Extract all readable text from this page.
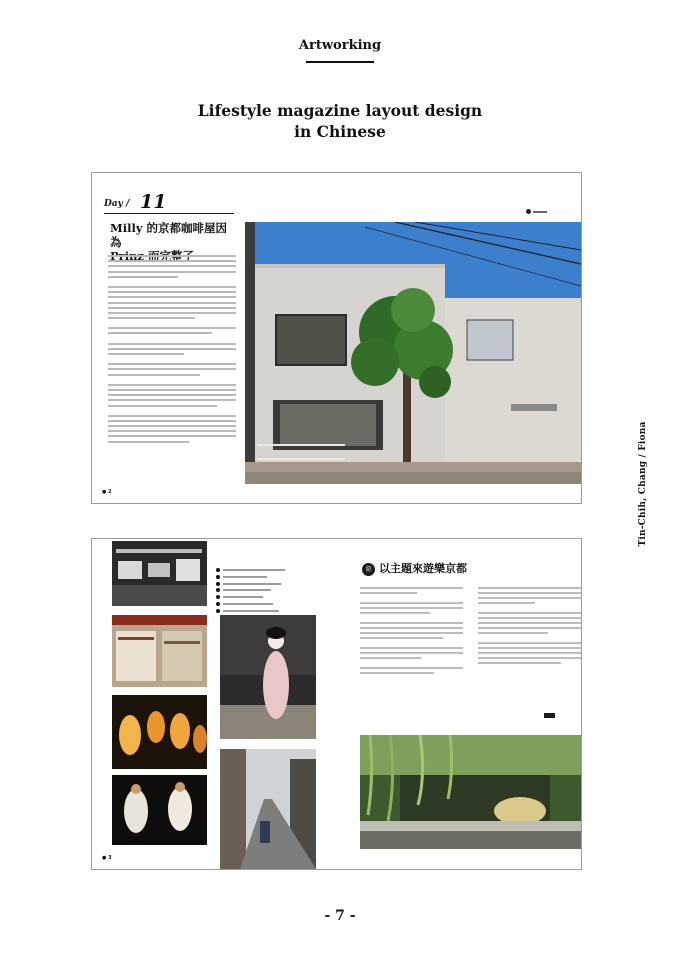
Artworking
Lifestyle magazine layout design
in Chinese
Tin-Chih, Chang / Fiona
Day / 11
Milly 的京都咖啡屋因為
● 2
游 以主題來遊樂京都
● 3
- 7 -
